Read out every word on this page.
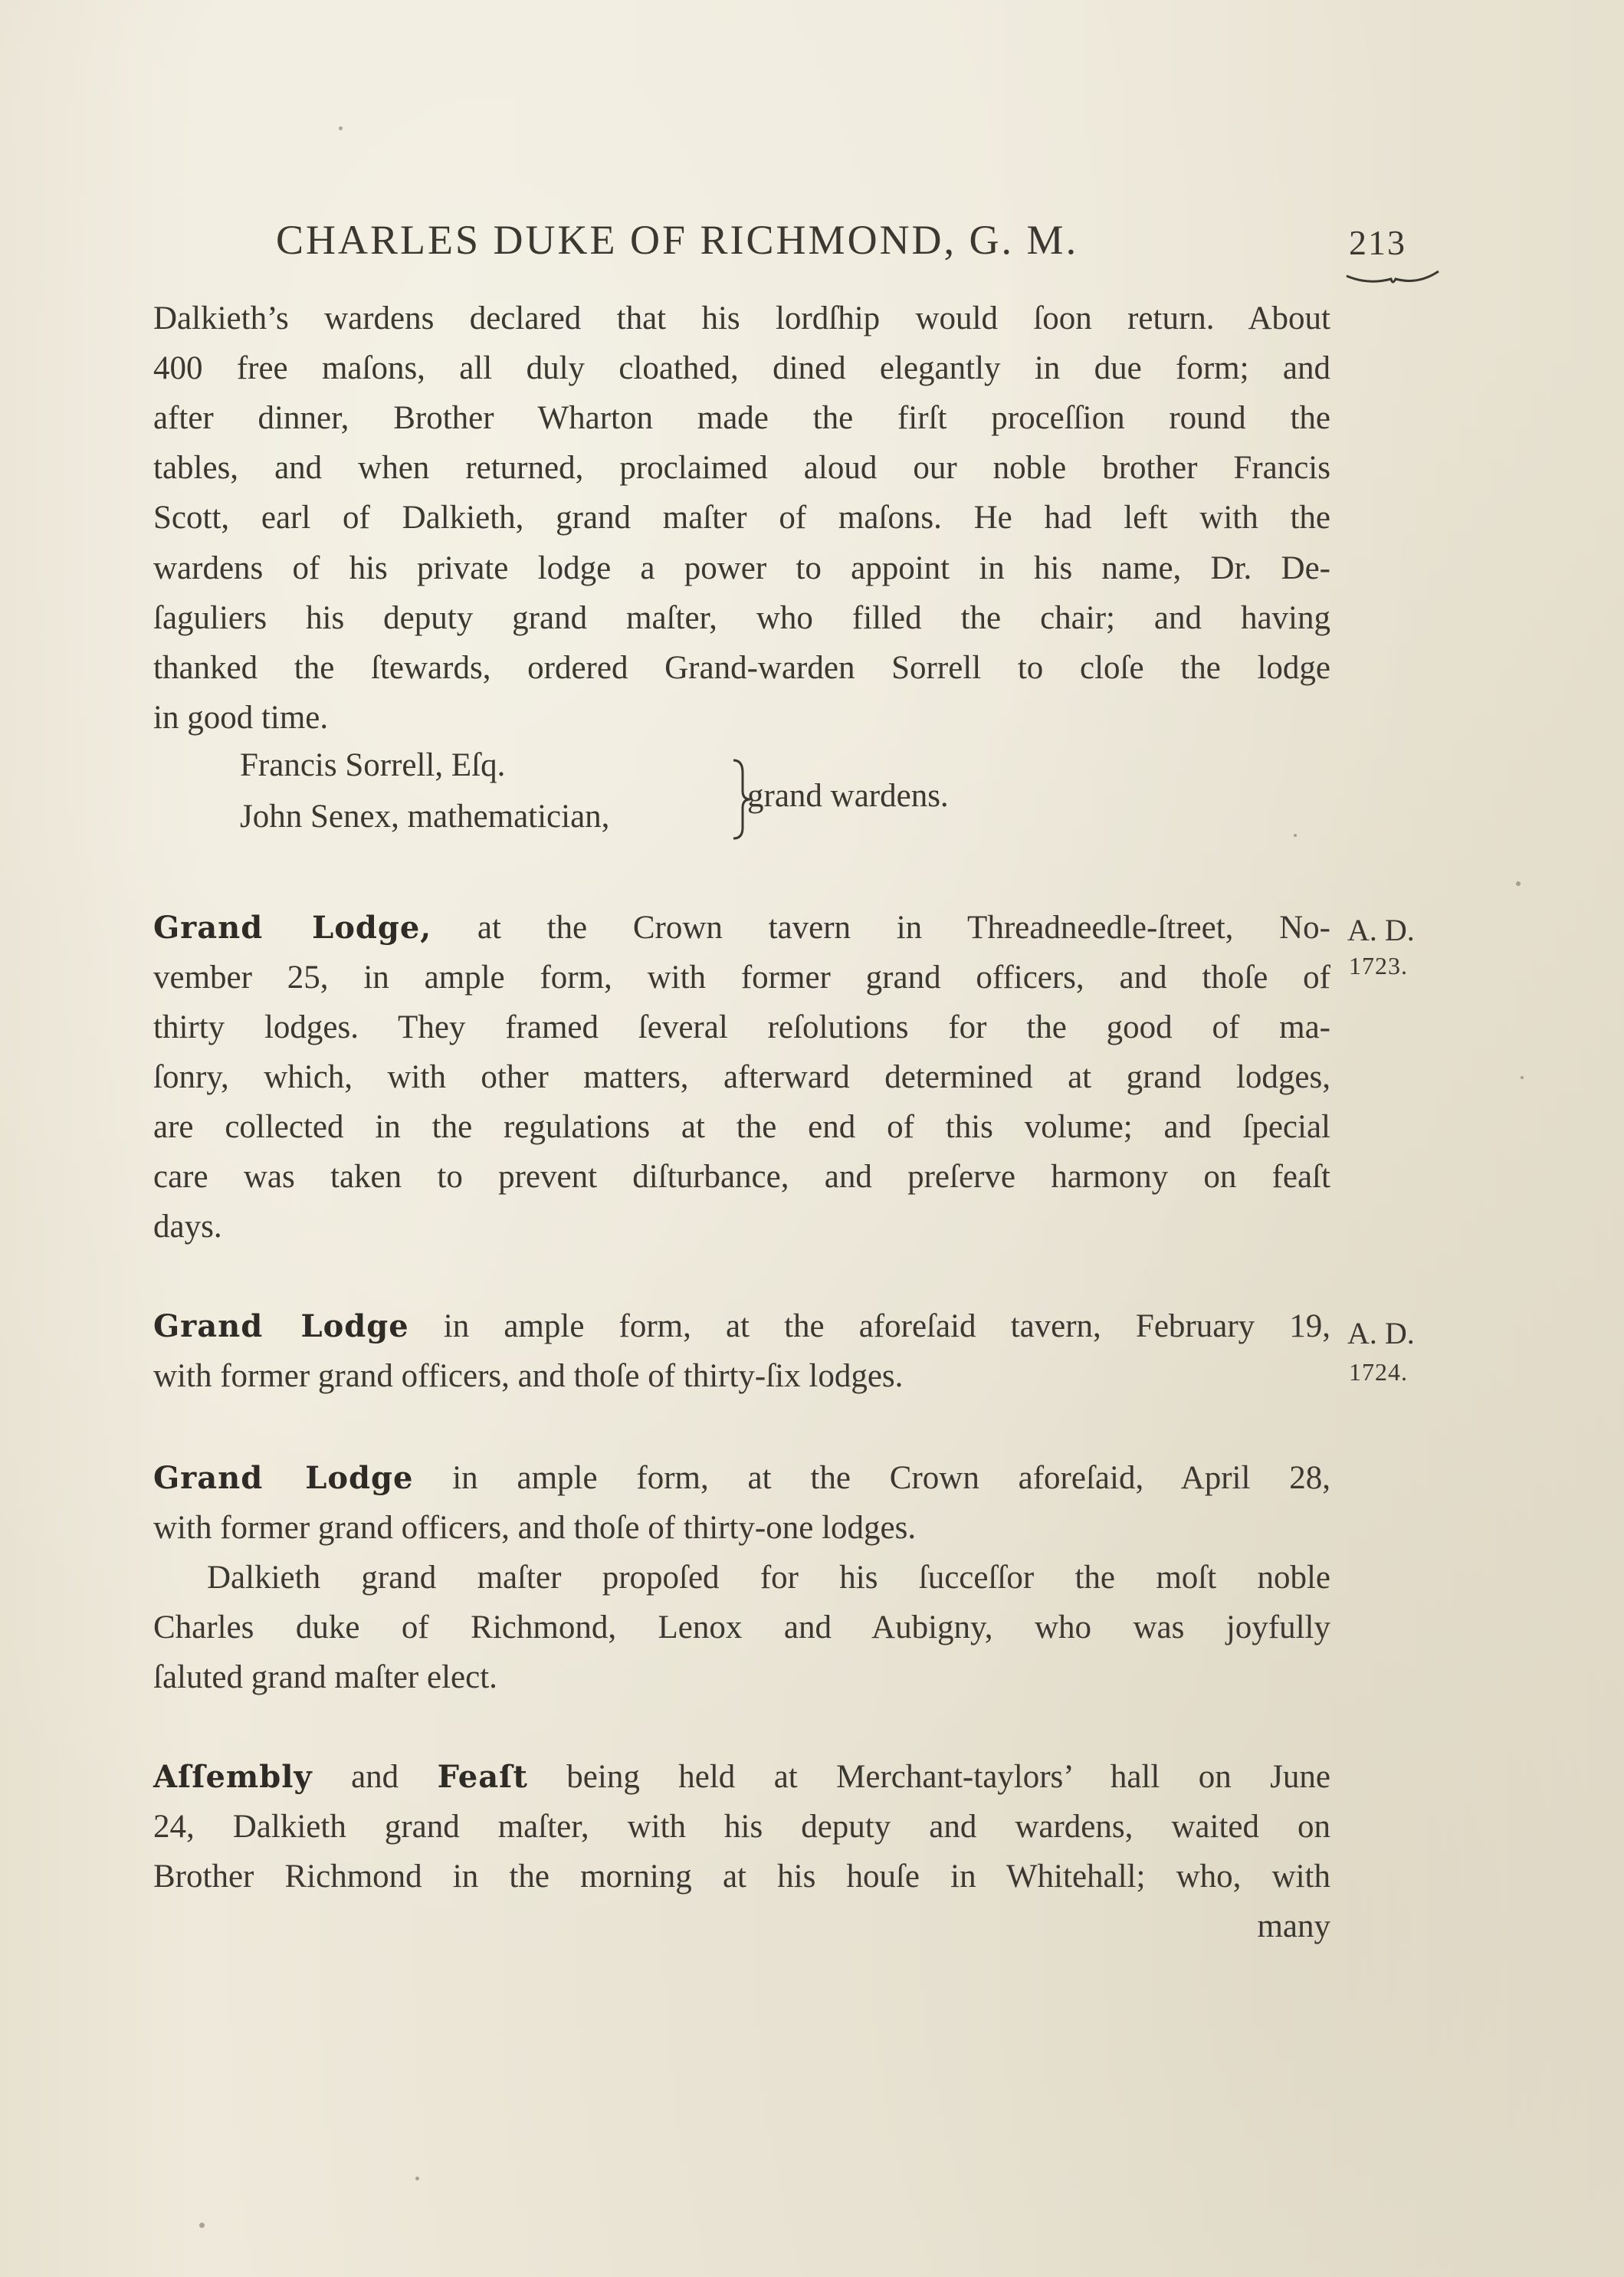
CHARLES DUKE OF RICHMOND, G. M.	213
Dalkieth’s wardens declared that his lordſhip would ſoon return. About
400 free maſons, all duly cloathed, dined elegantly in due form; and
after dinner, Brother Wharton made the firſt proceſſion round the
tables, and when returned, proclaimed aloud our noble brother Francis
Scott, earl of Dalkieth, grand maſter of maſons. He had left with the
wardens of his private lodge a power to appoint in his name, Dr. De-
ſaguliers his deputy grand maſter, who filled the chair; and having
thanked the ſtewards, ordered Grand-warden Sorrell to cloſe the lodge
in good time.
Francis Sorrell, Eſq.
John Senex, mathematician,
grand wardens.
Grand Lodge, at the Crown tavern in Threadneedle-ſtreet, No-
vember 25, in ample form, with former grand officers, and thoſe of
thirty lodges. They framed ſeveral reſolutions for the good of ma-
ſonry, which, with other matters, afterward determined at grand lodges,
are collected in the regulations at the end of this volume; and ſpecial
care was taken to prevent diſturbance, and preſerve harmony on feaſt
days.
A. D.
1723.
Grand Lodge in ample form, at the aforeſaid tavern, February 19,
with former grand officers, and thoſe of thirty-ſix lodges.
A. D.
1724.
Grand Lodge in ample form, at the Crown aforeſaid, April 28,
with former grand officers, and thoſe of thirty-one lodges.
Dalkieth grand maſter propoſed for his ſucceſſor the moſt noble
Charles duke of Richmond, Lenox and Aubigny, who was joyfully
ſaluted grand maſter elect.
Aſſembly and Feaſt being held at Merchant-taylors’ hall on June
24, Dalkieth grand maſter, with his deputy and wardens, waited on
Brother Richmond in the morning at his houſe in Whitehall; who, with
many
